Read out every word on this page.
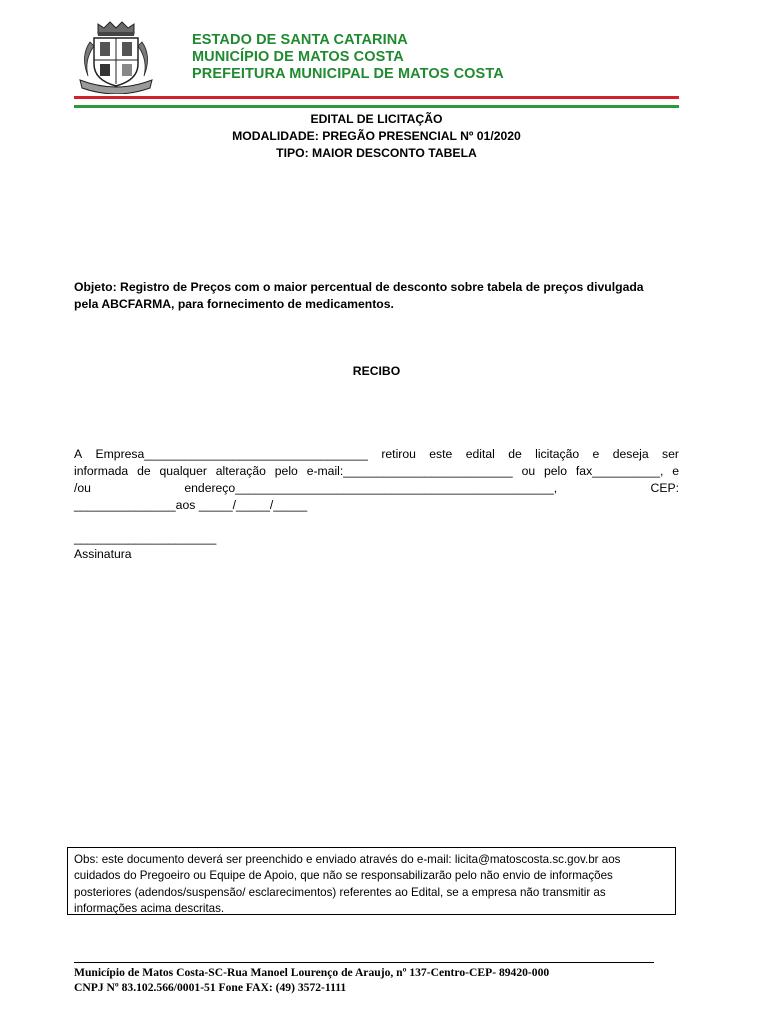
ESTADO DE SANTA CATARINA
MUNICÍPIO DE MATOS COSTA
PREFEITURA MUNICIPAL DE MATOS COSTA
EDITAL DE LICITAÇÃO
MODALIDADE: PREGÃO PRESENCIAL Nº 01/2020
TIPO: MAIOR DESCONTO TABELA
Objeto: Registro de Preços com o maior percentual de desconto sobre tabela de preços divulgada
pela ABCFARMA, para fornecimento de medicamentos.
RECIBO
A Empresa_________________________________ retirou este edital de licitação e deseja ser
informada de qualquer alteração pelo e-mail:_________________________ ou pelo fax__________, e
/ou	endereço_______________________________________________,	CEP:
_______________aos _____/_____/_____
_____________________
Assinatura
Obs: este documento deverá ser preenchido e enviado através do e-mail: licita@matoscosta.sc.gov.br aos
cuidados do Pregoeiro ou Equipe de Apoio, que não se responsabilizarão pelo não envio de informações
posteriores (adendos/suspensão/ esclarecimentos) referentes ao Edital, se a empresa não transmitir as
informações acima descritas.
Município de Matos Costa-SC-Rua Manoel Lourenço de Araujo, nº 137-Centro-CEP- 89420-000
CNPJ Nº 83.102.566/0001-51 Fone FAX: (49) 3572-1111
